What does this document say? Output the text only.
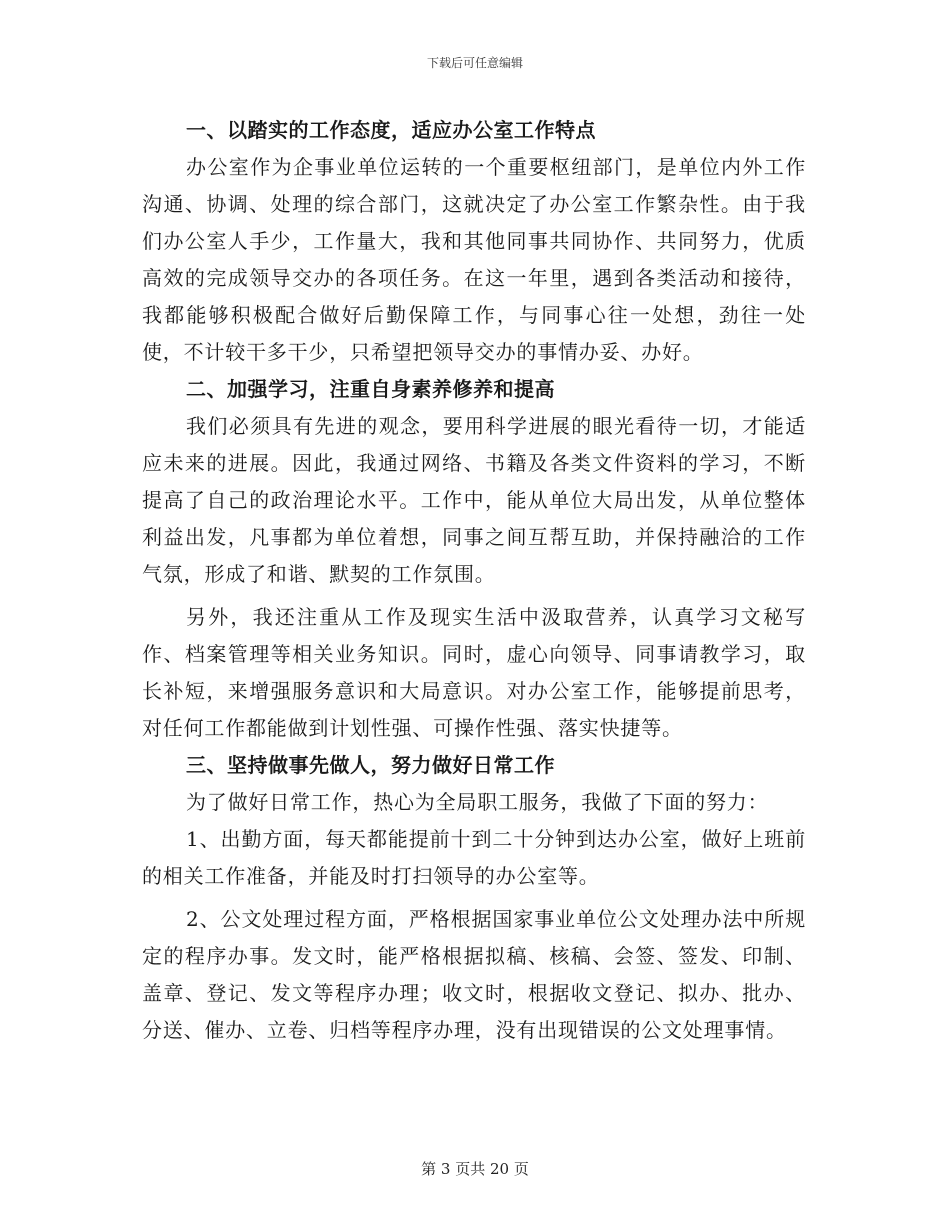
下载后可任意编辑
一、以踏实的工作态度，适应办公室工作特点

办公室作为企事业单位运转的一个重要枢纽部门，是单位内外工作沟通、协调、处理的综合部门，这就决定了办公室工作繁杂性。由于我们办公室人手少，工作量大，我和其他同事共同协作、共同努力，优质高效的完成领导交办的各项任务。在这一年里，遇到各类活动和接待，我都能够积极配合做好后勤保障工作，与同事心往一处想，劲往一处使，不计较干多干少，只希望把领导交办的事情办妥、办好。

二、加强学习，注重自身素养修养和提高

我们必须具有先进的观念，要用科学进展的眼光看待一切，才能适应未来的进展。因此，我通过网络、书籍及各类文件资料的学习，不断提高了自己的政治理论水平。工作中，能从单位大局出发，从单位整体利益出发，凡事都为单位着想，同事之间互帮互助，并保持融洽的工作气氛，形成了和谐、默契的工作氛围。

另外，我还注重从工作及现实生活中汲取营养，认真学习文秘写作、档案管理等相关业务知识。同时，虚心向领导、同事请教学习，取长补短，来增强服务意识和大局意识。对办公室工作，能够提前思考，对任何工作都能做到计划性强、可操作性强、落实快捷等。

三、坚持做事先做人，努力做好日常工作

为了做好日常工作，热心为全局职工服务，我做了下面的努力：

1、出勤方面，每天都能提前十到二十分钟到达办公室，做好上班前的相关工作准备，并能及时打扫领导的办公室等。

2、公文处理过程方面，严格根据国家事业单位公文处理办法中所规定的程序办事。发文时，能严格根据拟稿、核稿、会签、签发、印制、盖章、登记、发文等程序办理；收文时，根据收文登记、拟办、批办、分送、催办、立卷、归档等程序办理，没有出现错误的公文处理事情。

第 3 页共 20 页
